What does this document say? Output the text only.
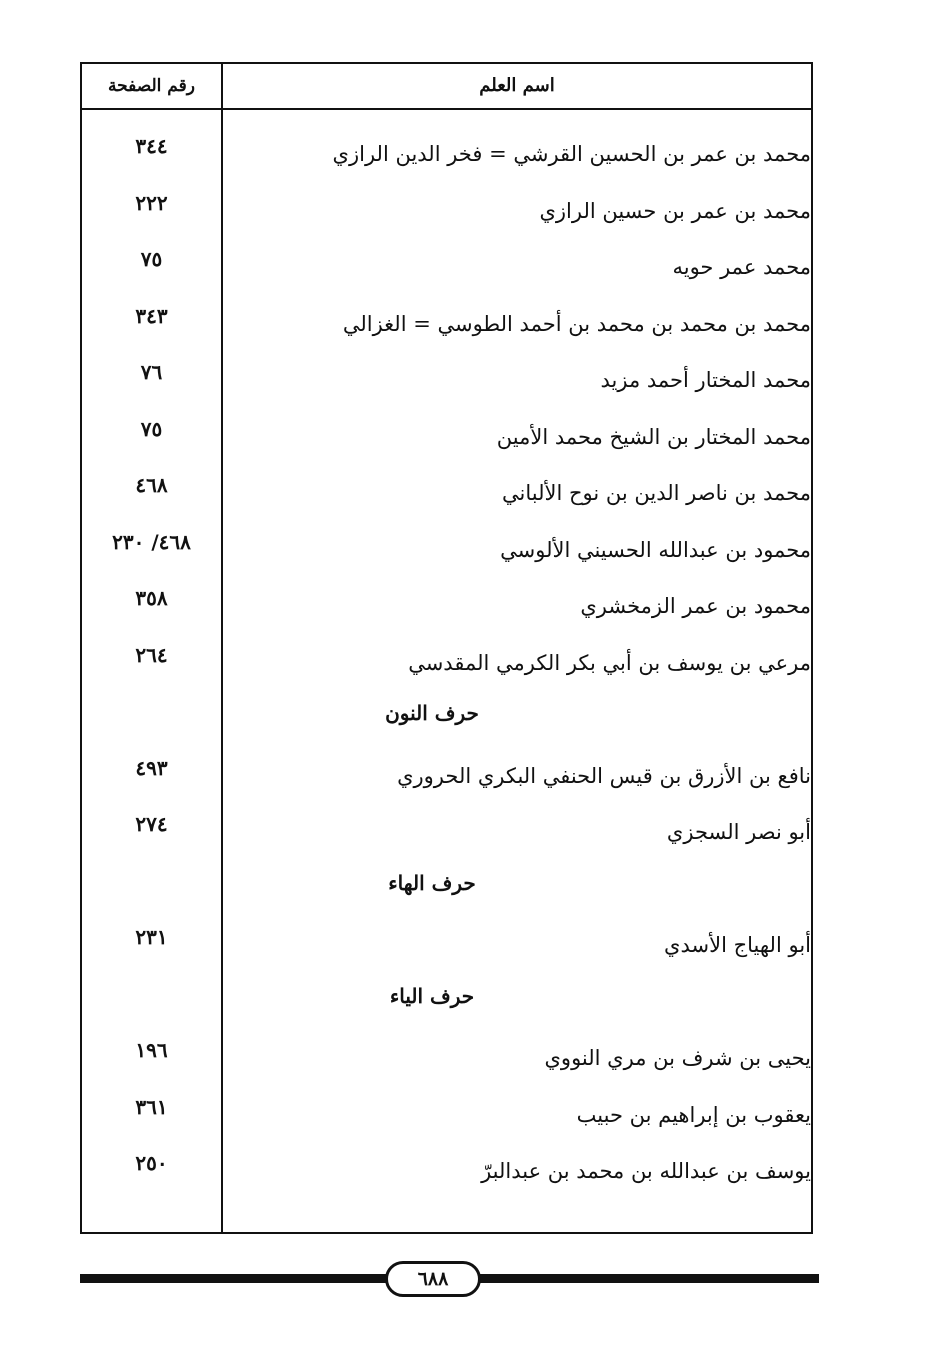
اسم العلم
رقم الصفحة
محمد بن عمر بن الحسين القرشي = فخر الدين الرازي
٣٤٤
محمد بن عمر بن حسين الرازي
٢٢٢
محمد عمر حويه
٧٥
محمد بن محمد بن محمد بن أحمد الطوسي = الغزالي
٣٤٣
محمد المختار أحمد مزيد
٧٦
محمد المختار بن الشيخ محمد الأمين
٧٥
محمد بن ناصر الدين بن نوح الألباني
٤٦٨
محمود بن عبدالله الحسيني الألوسي
٤٦٨/ ٢٣٠
محمود بن عمر الزمخشري
٣٥٨
مرعي بن يوسف بن أبي بكر الكرمي المقدسي
٢٦٤
حرف النون
نافع بن الأزرق بن قيس الحنفي البكري الحروري
٤٩٣
أبو نصر السجزي
٢٧٤
حرف الهاء
أبو الهياج الأسدي
٢٣١
حرف الياء
يحيى بن شرف بن مري النووي
١٩٦
يعقوب بن إبراهيم بن حبيب
٣٦١
يوسف بن عبدالله بن محمد بن عبدالبرّ
٢٥٠
٦٨٨
